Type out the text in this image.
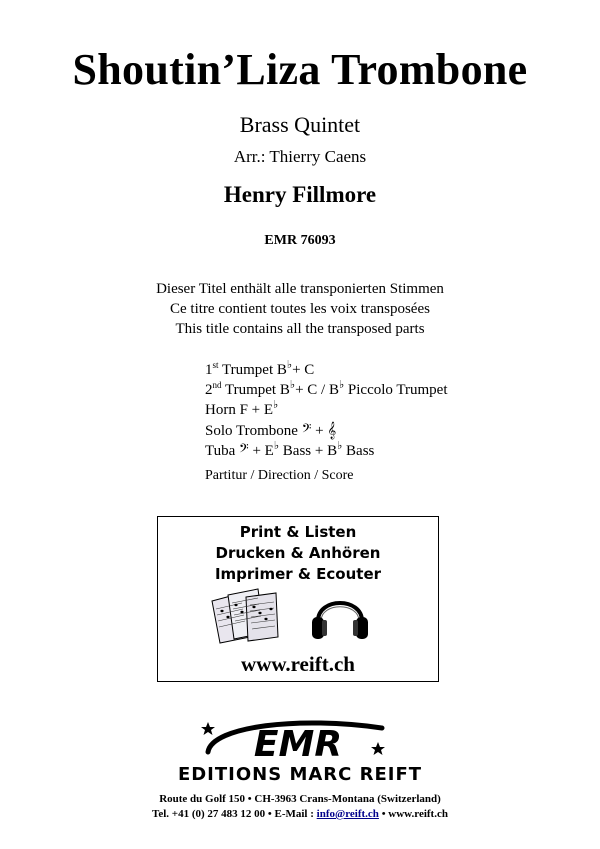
Shoutin’Liza Trombone
Brass Quintet
Arr.: Thierry Caens
Henry Fillmore
EMR 76093
Dieser Titel enthält alle transponierten Stimmen
Ce titre contient toutes les voix transposées
This title contains all the transposed parts
1st Trumpet B♭+ C
2nd Trumpet B♭+ C / B♭ Piccolo Trumpet
Horn F + E♭
Solo Trombone 𝄢 + 𝄞
Tuba 𝄢 + E♭ Bass + B♭ Bass
Partitur / Direction / Score
Print & Listen
Drucken & Anhören
Imprimer & Ecouter
www.reift.ch
EMR
EDITIONS MARC REIFT
Route du Golf 150 • CH-3963 Crans-Montana (Switzerland)
Tel. +41 (0) 27 483 12 00 • E-Mail : info@reift.ch • www.reift.ch
